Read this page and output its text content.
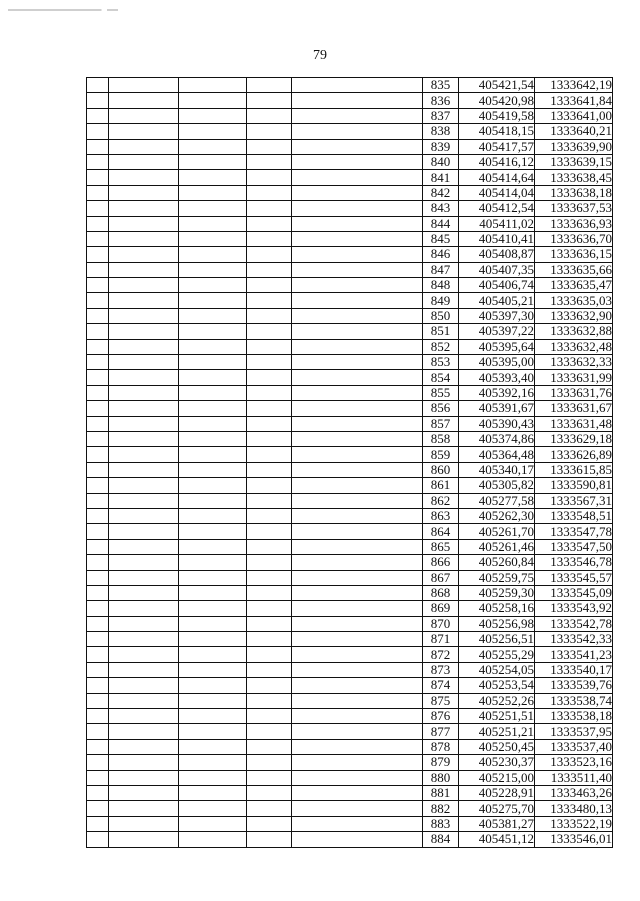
79
					835	405421,54	1333642,19
					836	405420,98	1333641,84
					837	405419,58	1333641,00
					838	405418,15	1333640,21
					839	405417,57	1333639,90
					840	405416,12	1333639,15
					841	405414,64	1333638,45
					842	405414,04	1333638,18
					843	405412,54	1333637,53
					844	405411,02	1333636,93
					845	405410,41	1333636,70
					846	405408,87	1333636,15
					847	405407,35	1333635,66
					848	405406,74	1333635,47
					849	405405,21	1333635,03
					850	405397,30	1333632,90
					851	405397,22	1333632,88
					852	405395,64	1333632,48
					853	405395,00	1333632,33
					854	405393,40	1333631,99
					855	405392,16	1333631,76
					856	405391,67	1333631,67
					857	405390,43	1333631,48
					858	405374,86	1333629,18
					859	405364,48	1333626,89
					860	405340,17	1333615,85
					861	405305,82	1333590,81
					862	405277,58	1333567,31
					863	405262,30	1333548,51
					864	405261,70	1333547,78
					865	405261,46	1333547,50
					866	405260,84	1333546,78
					867	405259,75	1333545,57
					868	405259,30	1333545,09
					869	405258,16	1333543,92
					870	405256,98	1333542,78
					871	405256,51	1333542,33
					872	405255,29	1333541,23
					873	405254,05	1333540,17
					874	405253,54	1333539,76
					875	405252,26	1333538,74
					876	405251,51	1333538,18
					877	405251,21	1333537,95
					878	405250,45	1333537,40
					879	405230,37	1333523,16
					880	405215,00	1333511,40
					881	405228,91	1333463,26
					882	405275,70	1333480,13
					883	405381,27	1333522,19
					884	405451,12	1333546,01
